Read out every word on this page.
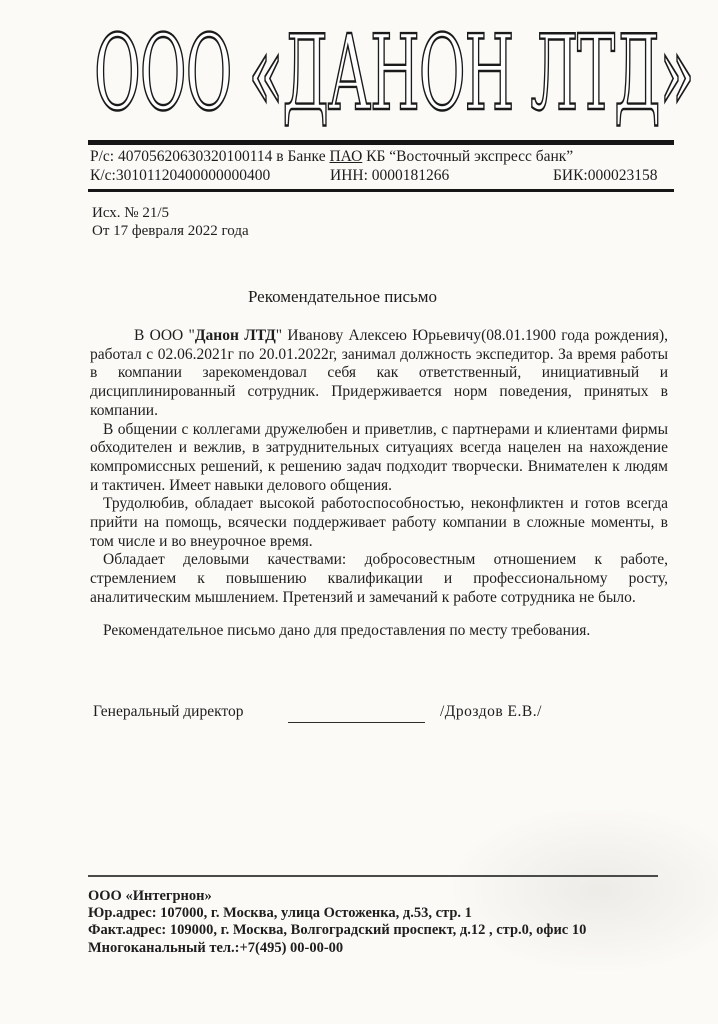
ООО «ДАНОН ЛТД»
Р/с: 40705620630320100114 в Банке ПАО КБ “Восточный экспресс банк”
К/с:30101120400000000400	ИНН: 0000181266	БИК:000023158
Исх. № 21/5
От 17 февраля 2022 года
Рекомендательное письмо

В ООО "Данон ЛТД" Иванову Алексею Юрьевичу(08.01.1900 года рождения), работал с 02.06.2021г по 20.01.2022г, занимал должность экспедитор. За время работы в компании зарекомендовал себя как ответственный, инициативный и дисциплинированный сотрудник. Придерживается норм поведения, принятых в компании.

В общении с коллегами дружелюбен и приветлив, с партнерами и клиентами фирмы обходителен и вежлив, в затруднительных ситуациях всегда нацелен на нахождение компромиссных решений, к решению задач подходит творчески. Внимателен к людям и тактичен. Имеет навыки делового общения.

Трудолюбив, обладает высокой работоспособностью, неконфликтен и готов всегда прийти на помощь, всячески поддерживает работу компании в сложные моменты, в том числе и во внеурочное время.

Обладает деловыми качествами: добросовестным отношением к работе, стремлением к повышению квалификации и профессиональному росту, аналитическим мышлением. Претензий и замечаний к работе сотрудника не было.

Рекомендательное письмо дано для предоставления по месту требования.

Генеральный директор	/Дроздов Е.В./
ООО «Интегрнон»
Юр.адрес: 107000, г. Москва, улица Остоженка, д.53, стр. 1
Факт.адрес: 109000, г. Москва, Волгоградский проспект, д.12 , стр.0, офис 10
Многоканальный тел.:+7(495) 00-00-00
